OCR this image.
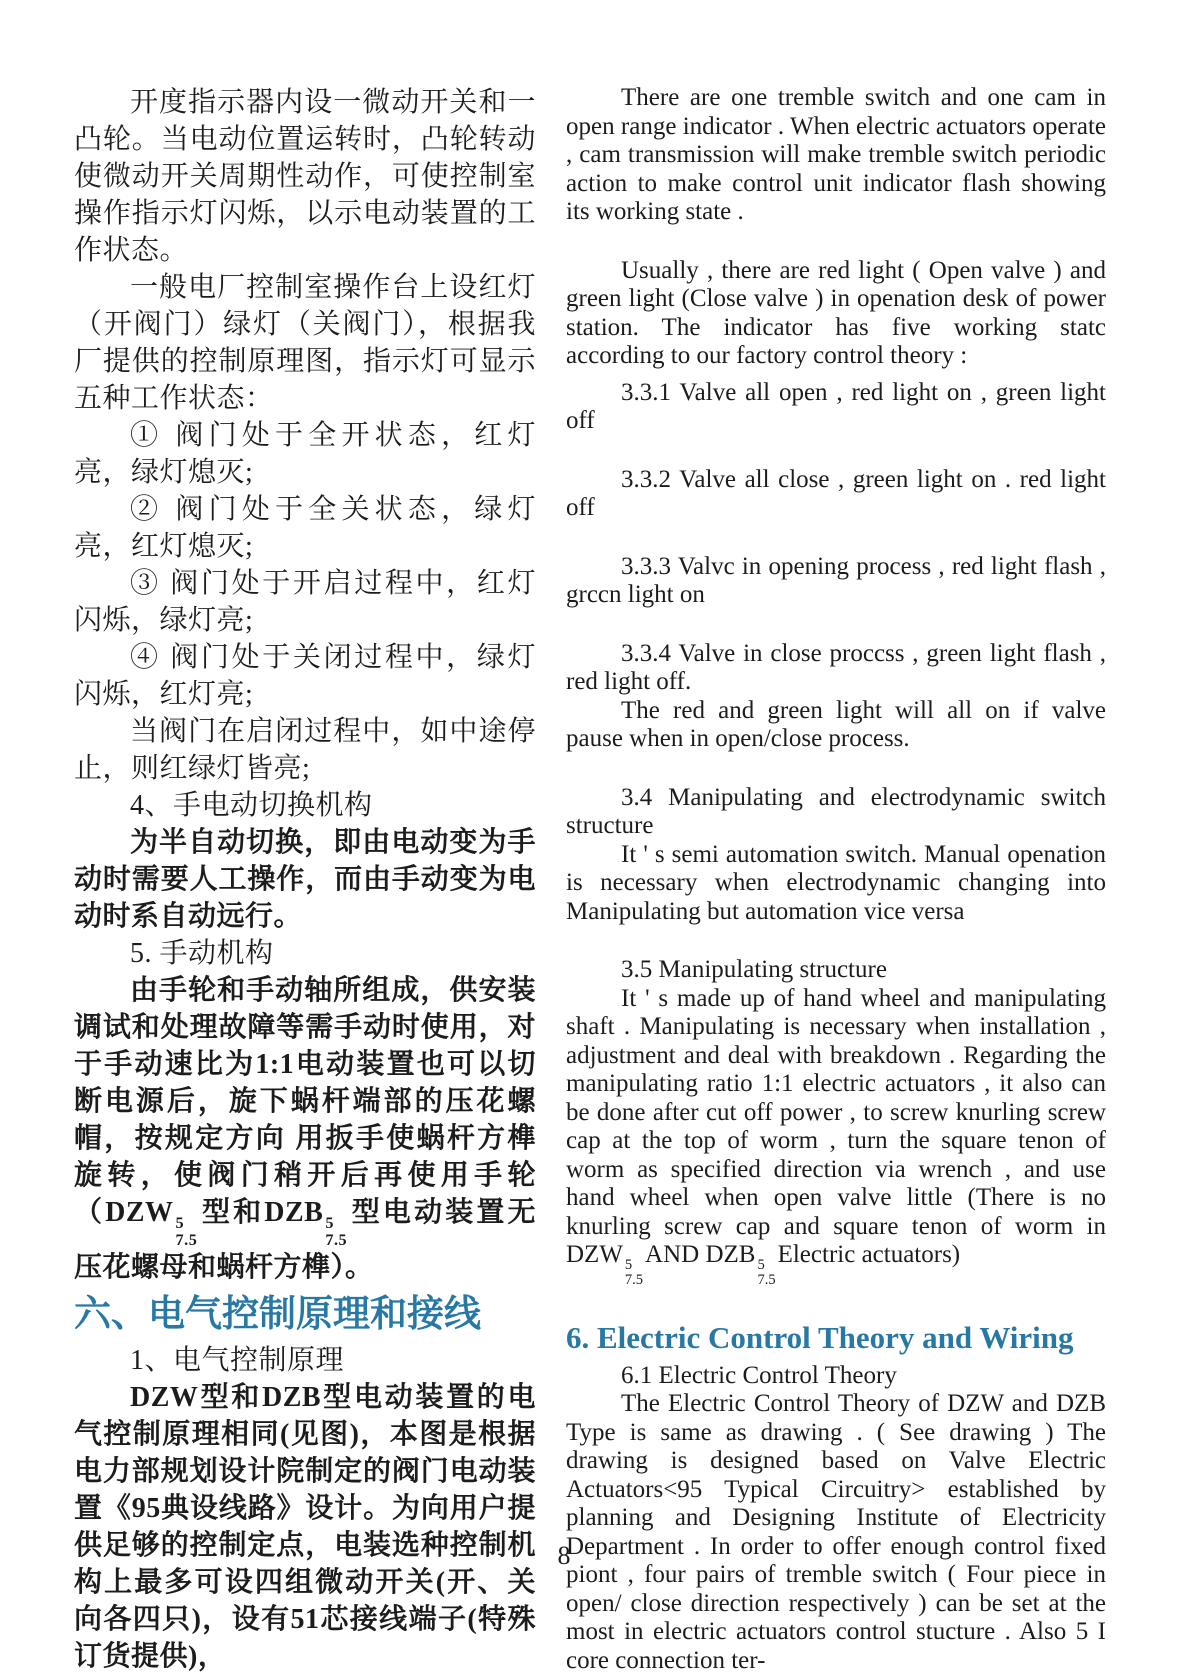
开度指示器内设一微动开关和一凸轮。当电动位置运转时，凸轮转动使微动开关周期性动作，可使控制室操作指示灯闪烁，以示电动装置的工作状态。

一般电厂控制室操作台上设红灯（开阀门）绿灯（关阀门），根据我厂提供的控制原理图，指示灯可显示五种工作状态：

① 阀门处于全开状态，红灯亮，绿灯熄灭;

② 阀门处于全关状态，绿灯亮，红灯熄灭;

③ 阀门处于开启过程中，红灯闪烁，绿灯亮;

④ 阀门处于关闭过程中，绿灯闪烁，红灯亮;

当阀门在启闭过程中，如中途停止，则红绿灯皆亮;

4、手电动切换机构

为半自动切换，即由电动变为手动时需要人工操作，而由手动变为电动时系自动远行。

5. 手动机构

由手轮和手动轴所组成，供安装调试和处理故障等需手动时使用，对于手动速比为1:1电动装置也可以切断电源后，旋下蜗杆端部的压花螺帽，按规定方向 用扳手使蜗杆方榫旋转，使阀门稍开后再使用手轮（DZW 5
7.5
型和DZB 5
7.5
型电动装置无压花螺母和蜗杆方榫）。

六、电气控制原理和接线

1、电气控制原理

DZW型和DZB型电动装置的电气控制原理相同(见图)，本图是根据电力部规划设计院制定的阀门电动装置《95典设线路》设计。为向用户提供足够的控制定点，电装选种控制机构上最多可设四组微动开关(开、关向各四只)，设有51芯接线端子(特殊订货提供)，

There are one tremble switch and one cam in open range indicator . When electric actuators operate , cam transmission will make tremble switch periodic action to make control unit indicator flash showing its working state .

Usually , there are red light ( Open valve ) and green light (Close valve ) in openation desk of power station. The indicator has five working statc according to our factory control theory :

3.3.1 Valve all open , red light on , green light off

3.3.2 Valve all close , green light on . red light off

3.3.3 Valvc in opening process , red light flash , grccn light on

3.3.4 Valve in close proccss , green light flash , red light off.

The red and green light will all on if valve pause when in open/close process.

3.4 Manipulating and electrodynamic switch structure

It ' s semi automation switch. Manual openation is necessary when electrodynamic changing into Manipulating but automation vice versa

3.5 Manipulating structure

It ' s made up of hand wheel and manipulating shaft . Manipulating is necessary when installation , adjustment and deal with breakdown . Regarding the manipulating ratio 1:1 electric actuators , it also can be done after cut off power , to screw knurling screw cap at the top of worm , turn the square tenon of worm as specified direction via wrench , and use hand wheel when open valve little (There is no knurling screw cap and square tenon of worm in DZW 5
7.5
AND DZB 5
7.5
Electric actuators)

6. Electric Control Theory and Wiring

6.1 Electric Control Theory

The Electric Control Theory of DZW and DZB Type is same as drawing . ( See drawing ) The drawing is designed based on Valve Electric Actuators<95 Typical Circuitry> established by planning and Designing Institute of Electricity Department . In order to offer enough control fixed piont , four pairs of tremble switch ( Four piece in open/ close direction respectively ) can be set at the most in electric actuators control stucture . Also 5 I core connection ter-

8
